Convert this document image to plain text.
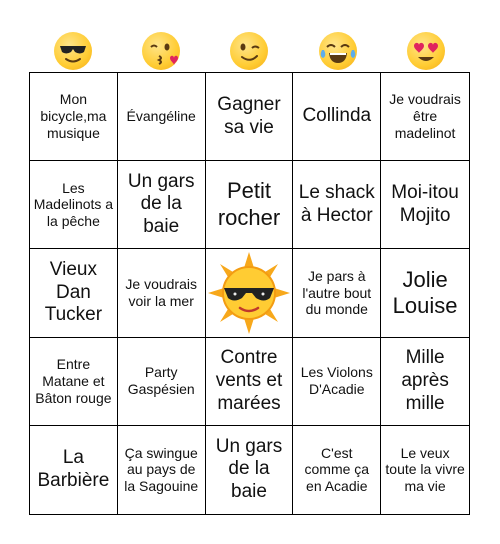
Mon bicycle,ma musique
Évangéline
Gagner sa vie
Collinda
Je voudrais être madelinot
Les Madelinots a la pêche
Un gars de la baie
Petit rocher
Le shack à Hector
Moi-itou Mojito
Vieux Dan Tucker
Je voudrais voir la mer
Je pars à l'autre bout du monde
Jolie Louise
Entre Matane et Bâton rouge
Party Gaspésien
Contre vents et marées
Les Violons D'Acadie
Mille après mille
La Barbière
Ça swingue au pays de la Sagouine
Un gars de la baie
C'est comme ça en Acadie
Le veux toute la vivre ma vie
